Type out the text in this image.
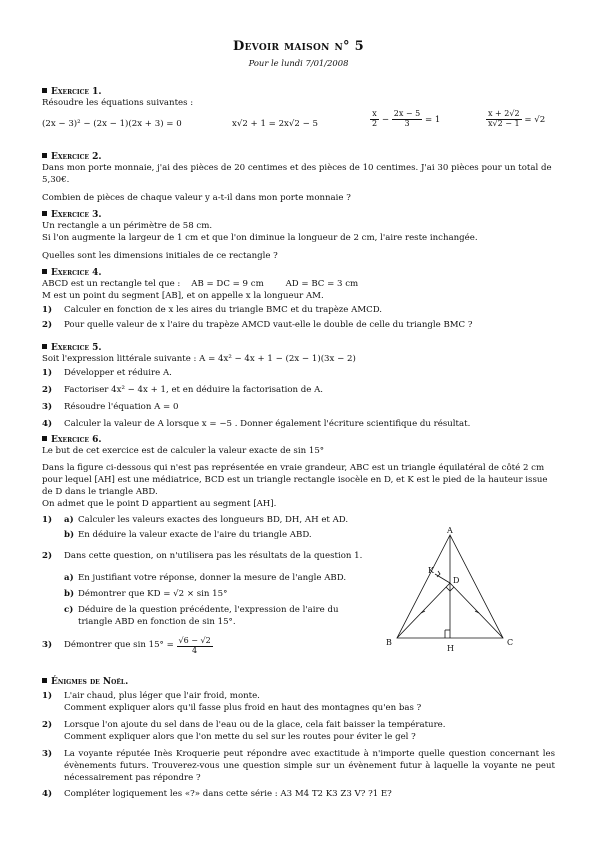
Devoir maison n° 5
Pour le lundi 7/01/2008
Exercice 1.

Résoudre les équations suivantes :

(2x − 3)² − (2x − 1)(2x + 3) = 0	x√2 + 1 = 2x√2 − 5	$\frac{x}{2} - \frac{2x - 5}{3} = 1$	$\frac{x + 2√2}{x√2 - 1} = √2$
Exercice 2.

Dans mon porte monnaie, j'ai des pièces de 20 centimes et des pièces de 10 centimes. J'ai 30 pièces pour un total de 5,30€.

Combien de pièces de chaque valeur y a-t-il dans mon porte monnaie ?

Exercice 3.

Un rectangle a un périmètre de 58 cm.

Si l'on augmente la largeur de 1 cm et que l'on diminue la longueur de 2 cm, l'aire reste inchangée.

Quelles sont les dimensions initiales de ce rectangle ?

Exercice 4.

ABCD est un rectangle tel que :    AB = DC = 9 cm        AD = BC = 3 cm

M est un point du segment [AB], et on appelle x la longueur AM.

1)	Calculer en fonction de x les aires du triangle BMC et du trapèze AMCD.
2)	Pour quelle valeur de x l'aire du trapèze AMCD vaut-elle le double de celle du triangle BMC ?
Exercice 5.

Soit l'expression littérale suivante : A = 4x² − 4x + 1 − (2x − 1)(3x − 2)

1)	Développer et réduire A.
2)	Factoriser 4x² − 4x + 1, et en déduire la factorisation de A.
3)	Résoudre l'équation A = 0
4)	Calculer la valeur de A lorsque x = −5 . Donner également l'écriture scientifique du résultat.
Exercice 6.

Le but de cet exercice est de calculer la valeur exacte de sin 15°

Dans la figure ci-dessous qui n'est pas représentée en vraie grandeur, ABC est un triangle équilatéral de côté 2 cm pour lequel [AH] est une médiatrice, BCD est un triangle rectangle isocèle en D, et K est le pied de la hauteur issue de D dans le triangle ABD.

On admet que le point D appartient au segment [AH].

1)	a) Calculer les valeurs exactes des longueurs BD, DH, AH et AD.
b) En déduire la valeur exacte de l'aire du triangle ABD.
2)	Dans cette question, on n'utilisera pas les résultats de la question 1.
a) En justifiant votre réponse, donner la mesure de l'angle ABD.
b) Démontrer que KD = √2 × sin 15°
c) Déduire de la question précédente, l'expression de l'aire du triangle ABD en fonction de sin 15°.
3)	Démontrer que sin 15° =
$\frac{√6 - √2}{4}$
A
B	C
D
H
K
Énigmes de Noël.
1)	L'air chaud, plus léger que l'air froid, monte.
Comment expliquer alors qu'il fasse plus froid en haut des montagnes qu'en bas ?
2)	Lorsque l'on ajoute du sel dans de l'eau ou de la glace, cela fait baisser la température.
Comment expliquer alors que l'on mette du sel sur les routes pour éviter le gel ?
3)	La voyante réputée Inès Kroquerie peut répondre avec exactitude à n'importe quelle question concernant les évènements futurs. Trouverez-vous une question simple sur un évènement futur à laquelle la voyante ne peut nécessairement pas répondre ?
4)	Compléter logiquement les «?» dans cette série : A3 M4 T2 K3 Z3 V? ?1 E?
